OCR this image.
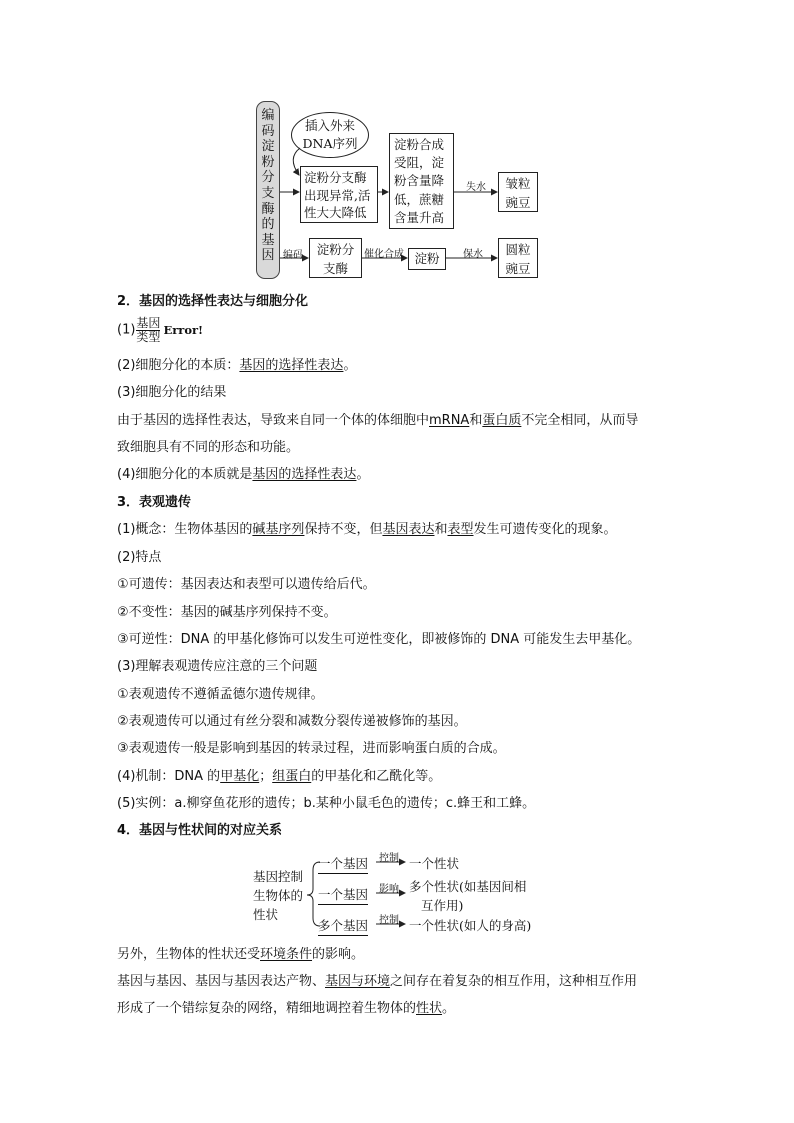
编
码
淀
粉
分
支
酶
的
基
因
插入外来
DNA序列
淀粉分支酶
出现异常,活
性大大降低
淀粉合成
受阻，淀
粉含量降
低，蔗糖
含量升高
失水	皱粒
豌豆
编码	淀粉分
支酶
催化合成 淀粉	保水	圆粒
豌豆
2．基因的选择性表达与细胞分化
$(1) \frac{\text{基因}}{\text{类型}}$ Error!
(2)细胞分化的本质：基因的选择性表达。
(3)细胞分化的结果
由于基因的选择性表达，导致来自同一个体的体细胞中mRNA和蛋白质不完全相同，从而导
致细胞具有不同的形态和功能。
(4)细胞分化的本质就是基因的选择性表达。
3．表观遗传
(1)概念：生物体基因的碱基序列保持不变，但基因表达和表型发生可遗传变化的现象。
(2)特点
①可遗传：基因表达和表型可以遗传给后代。
②不变性：基因的碱基序列保持不变。
③可逆性：DNA 的甲基化修饰可以发生可逆性变化，即被修饰的 DNA 可能发生去甲基化。
(3)理解表观遗传应注意的三个问题
①表观遗传不遵循孟德尔遗传规律。
②表观遗传可以通过有丝分裂和减数分裂传递被修饰的基因。
③表观遗传一般是影响到基因的转录过程，进而影响蛋白质的合成。
(4)机制：DNA 的甲基化；组蛋白的甲基化和乙酰化等。
(5)实例：a.柳穿鱼花形的遗传；b.某种小鼠毛色的遗传；c.蜂王和工蜂。
4．基因与性状间的对应关系
基因控制
生物体的
性状
一个基因 控制 一个性状
一个基因 影响 多个性状(如基因间相
互作用)
多个基因 控制 一个性状(如人的身高)
另外，生物体的性状还受环境条件的影响。
基因与基因、基因与基因表达产物、基因与环境之间存在着复杂的相互作用，这种相互作用
形成了一个错综复杂的网络，精细地调控着生物体的性状。
